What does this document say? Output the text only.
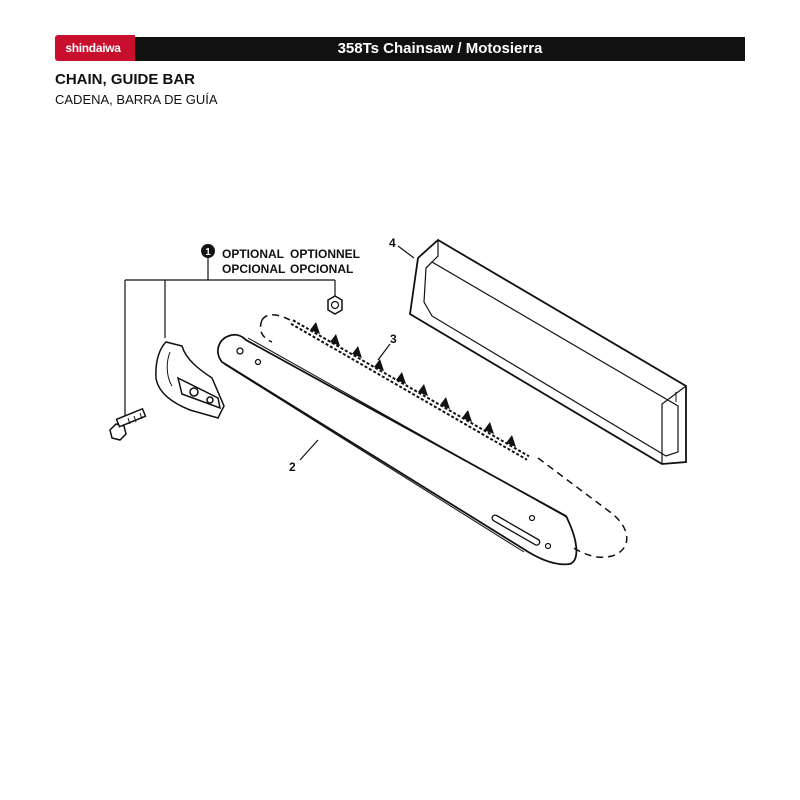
shindaiwa	358Ts Chainsaw / Motosierra
CHAIN, GUIDE BAR
CADENA, BARRA DE GUÍA
1 OPTIONAL OPTIONNEL
OPCIONAL OPCIONAL
2
3
4
